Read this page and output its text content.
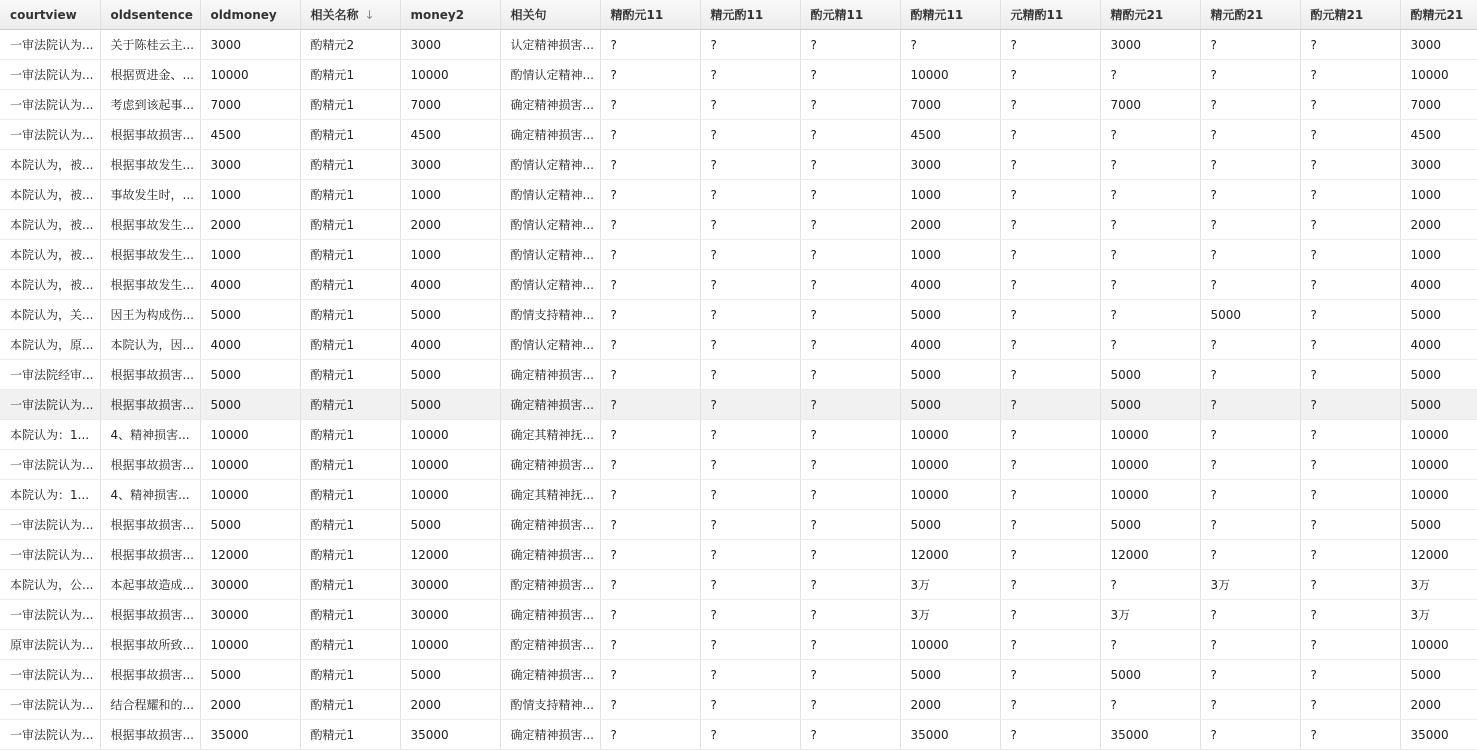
courtview	oldsentence	oldmoney	相关名称 ↓	money2	相关句	精酌元11	精元酌11	酌元精11	酌精元11	元精酌11	精酌元21	精元酌21	酌元精21	酌精元21
一审法院认为...	关于陈桂云主...	3000	酌精元2	3000	认定精神损害...	?	?	?	?	?	3000	?	?	3000
一审法院认为...	根据贾进金、...	10000	酌精元1	10000	酌情认定精神...	?	?	?	10000	?	?	?	?	10000
一审法院认为...	考虑到该起事...	7000	酌精元1	7000	确定精神损害...	?	?	?	7000	?	7000	?	?	7000
一审法院认为...	根据事故损害...	4500	酌精元1	4500	确定精神损害...	?	?	?	4500	?	?	?	?	4500
本院认为，被...	根据事故发生...	3000	酌精元1	3000	酌情认定精神...	?	?	?	3000	?	?	?	?	3000
本院认为，被...	事故发生时，...	1000	酌精元1	1000	酌情认定精神...	?	?	?	1000	?	?	?	?	1000
本院认为，被...	根据事故发生...	2000	酌精元1	2000	酌情认定精神...	?	?	?	2000	?	?	?	?	2000
本院认为，被...	根据事故发生...	1000	酌精元1	1000	酌情认定精神...	?	?	?	1000	?	?	?	?	1000
本院认为，被...	根据事故发生...	4000	酌精元1	4000	酌情认定精神...	?	?	?	4000	?	?	?	?	4000
本院认为，关...	因王为构成伤...	5000	酌精元1	5000	酌情支持精神...	?	?	?	5000	?	?	5000	?	5000
本院认为，原...	本院认为，因...	4000	酌精元1	4000	酌情认定精神...	?	?	?	4000	?	?	?	?	4000
一审法院经审...	根据事故损害...	5000	酌精元1	5000	确定精神损害...	?	?	?	5000	?	5000	?	?	5000
一审法院认为...	根据事故损害...	5000	酌精元1	5000	确定精神损害...	?	?	?	5000	?	5000	?	?	5000
本院认为：1...	4、精神损害...	10000	酌精元1	10000	确定其精神抚...	?	?	?	10000	?	10000	?	?	10000
一审法院认为...	根据事故损害...	10000	酌精元1	10000	确定精神损害...	?	?	?	10000	?	10000	?	?	10000
本院认为：1...	4、精神损害...	10000	酌精元1	10000	确定其精神抚...	?	?	?	10000	?	10000	?	?	10000
一审法院认为...	根据事故损害...	5000	酌精元1	5000	确定精神损害...	?	?	?	5000	?	5000	?	?	5000
一审法院认为...	根据事故损害...	12000	酌精元1	12000	确定精神损害...	?	?	?	12000	?	12000	?	?	12000
本院认为，公...	本起事故造成...	30000	酌精元1	30000	酌定精神损害...	?	?	?	3万	?	?	3万	?	3万
一审法院认为...	根据事故损害...	30000	酌精元1	30000	确定精神损害...	?	?	?	3万	?	3万	?	?	3万
原审法院认为...	根据事故所致...	10000	酌精元1	10000	酌定精神损害...	?	?	?	10000	?	?	?	?	10000
一审法院认为...	根据事故损害...	5000	酌精元1	5000	确定精神损害...	?	?	?	5000	?	5000	?	?	5000
一审法院认为...	结合程耀和的...	2000	酌精元1	2000	酌情支持精神...	?	?	?	2000	?	?	?	?	2000
一审法院认为...	根据事故损害...	35000	酌精元1	35000	确定精神损害...	?	?	?	35000	?	35000	?	?	35000
